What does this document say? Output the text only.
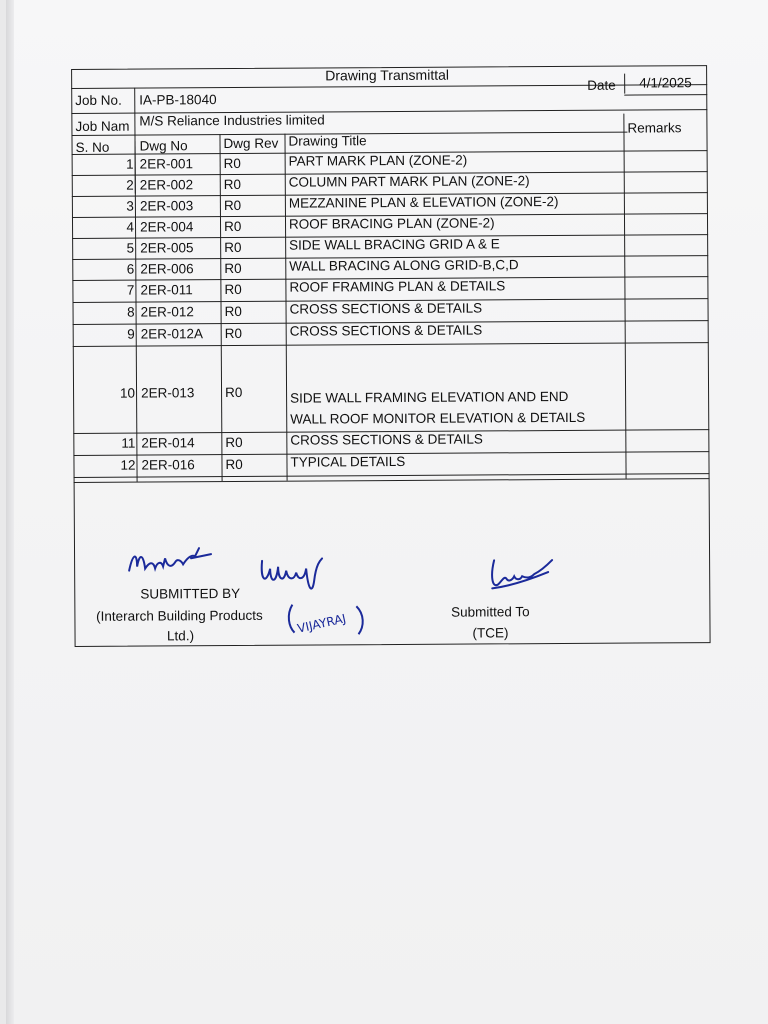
Drawing Transmittal
Job No. IA-PB-18040
Date 4/1/2025
Job Nam M/S Reliance Industries limited
S. No Dwg No	Dwg Rev Drawing Title
Remarks
1 2ER-001 R0	PART MARK PLAN (ZONE-2)
2 2ER-002 R0	COLUMN PART MARK PLAN (ZONE-2)
3 2ER-003 R0	MEZZANINE PLAN & ELEVATION (ZONE-2)
4 2ER-004 R0	ROOF BRACING PLAN (ZONE-2)
5 2ER-005 R0	SIDE WALL BRACING GRID A & E
6 2ER-006 R0	WALL BRACING ALONG GRID-B,C,D
7 2ER-011 R0	ROOF FRAMING PLAN & DETAILS
8 2ER-012 R0	CROSS SECTIONS & DETAILS
9 2ER-012A R0	CROSS SECTIONS & DETAILS
10 2ER-013 R0	SIDE WALL FRAMING ELEVATION AND END
WALL ROOF MONITOR ELEVATION & DETAILS
11 2ER-014 R0	CROSS SECTIONS & DETAILS
12 2ER-016 R0	TYPICAL DETAILS
SUBMITTED BY
(Interarch Building Products
Ltd.)
VIJAYRAJ	Submitted To
(TCE)
